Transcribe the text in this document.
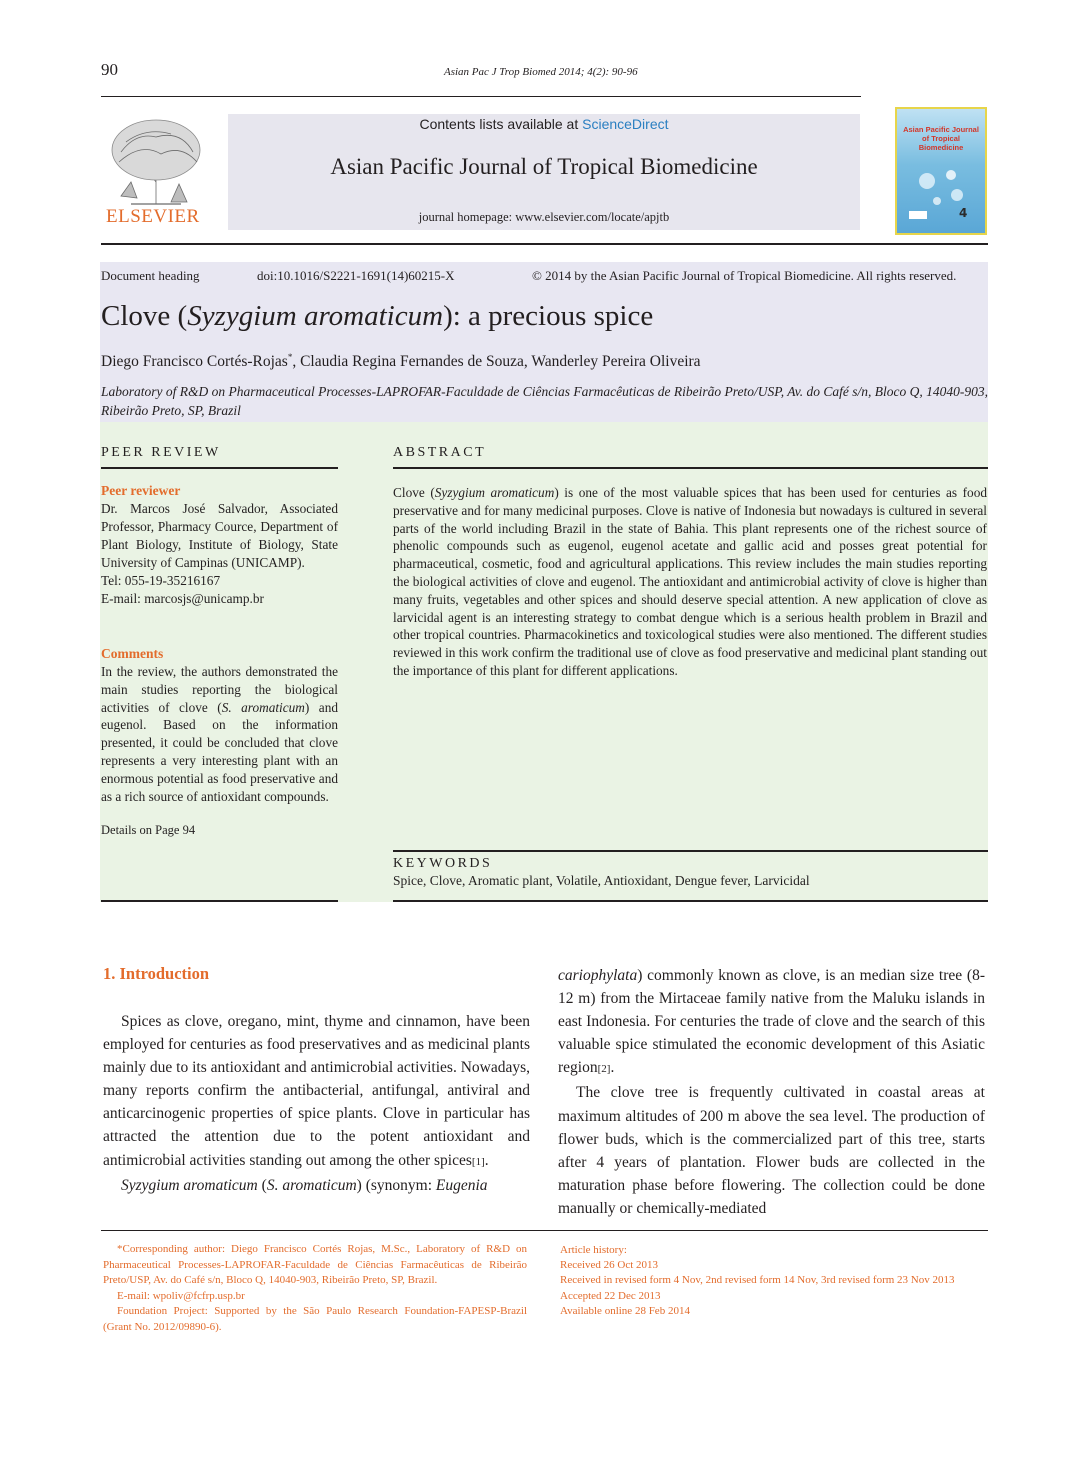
90	Asian Pac J Trop Biomed 2014; 4(2): 90-96
ELSEVIER
Contents lists available at ScienceDirect
Asian Pacific Journal of Tropical Biomedicine
journal homepage: www.elsevier.com/locate/apjtb
Asian Pacific Journal of Tropical Biomedicine
4
Document heading	doi:10.1016/S2221-1691(14)60215-X	© 2014 by the Asian Pacific Journal of Tropical Biomedicine. All rights reserved.
Clove (Syzygium aromaticum): a precious spice
Diego Francisco Cortés-Rojas*, Claudia Regina Fernandes de Souza, Wanderley Pereira Oliveira
Laboratory of R&D on Pharmaceutical Processes-LAPROFAR-Faculdade de Ciências Farmacêuticas de Ribeirão Preto/USP, Av. do Café s/n, Bloco Q, 14040-903, Ribeirão Preto, SP, Brazil
PEER REVIEW	ABSTRACT
Peer reviewer
Dr. Marcos José Salvador, Associated Professor, Pharmacy Cource, Department of Plant Biology, Institute of Biology, State University of Campinas (UNICAMP).
Tel: 055-19-35216167
E-mail: marcosjs@unicamp.br
Comments
In the review, the authors demonstrated the main studies reporting the biological activities of clove (S. aromaticum) and eugenol. Based on the information presented, it could be concluded that clove represents a very interesting plant with an enormous potential as food preservative and as a rich source of antioxidant compounds.
Details on Page 94
Clove (Syzygium aromaticum) is one of the most valuable spices that has been used for centuries as food preservative and for many medicinal purposes. Clove is native of Indonesia but nowadays is cultured in several parts of the world including Brazil in the state of Bahia. This plant represents one of the richest source of phenolic compounds such as eugenol, eugenol acetate and gallic acid and posses great potential for pharmaceutical, cosmetic, food and agricultural applications. This review includes the main studies reporting the biological activities of clove and eugenol. The antioxidant and antimicrobial activity of clove is higher than many fruits, vegetables and other spices and should deserve special attention. A new application of clove as larvicidal agent is an interesting strategy to combat dengue which is a serious health problem in Brazil and other tropical countries. Pharmacokinetics and toxicological studies were also mentioned. The different studies reviewed in this work confirm the traditional use of clove as food preservative and medicinal plant standing out the importance of this plant for different applications.
KEYWORDS
Spice, Clove, Aromatic plant, Volatile, Antioxidant, Dengue fever, Larvicidal
1. Introduction

Spices as clove, oregano, mint, thyme and cinnamon, have been employed for centuries as food preservatives and as medicinal plants mainly due to its antioxidant and antimicrobial activities. Nowadays, many reports confirm the antibacterial, antifungal, antiviral and anticarcinogenic properties of spice plants. Clove in particular has attracted the attention due to the potent antioxidant and antimicrobial activities standing out among the other spices[1].

Syzygium aromaticum (S. aromaticum) (synonym: Eugenia

cariophylata) commonly known as clove, is an median size tree (8-12 m) from the Mirtaceae family native from the Maluku islands in east Indonesia. For centuries the trade of clove and the search of this valuable spice stimulated the economic development of this Asiatic region[2].

The clove tree is frequently cultivated in coastal areas at maximum altitudes of 200 m above the sea level. The production of flower buds, which is the commercialized part of this tree, starts after 4 years of plantation. Flower buds are collected in the maturation phase before flowering. The collection could be done manually or chemically-mediated

*Corresponding author: Diego Francisco Cortés Rojas, M.Sc., Laboratory of R&D on Pharmaceutical Processes-LAPROFAR-Faculdade de Ciências Farmacêuticas de Ribeirão Preto/USP, Av. do Café s/n, Bloco Q, 14040-903, Ribeirão Preto, SP, Brazil.

E-mail: wpoliv@fcfrp.usp.br

Foundation Project: Supported by the São Paulo Research Foundation-FAPESP-Brazil (Grant No. 2012/09890-6).

Article history:
Received 26 Oct 2013
Received in revised form 4 Nov, 2nd revised form 14 Nov, 3rd revised form 23 Nov 2013
Accepted 22 Dec 2013
Available online 28 Feb 2014
